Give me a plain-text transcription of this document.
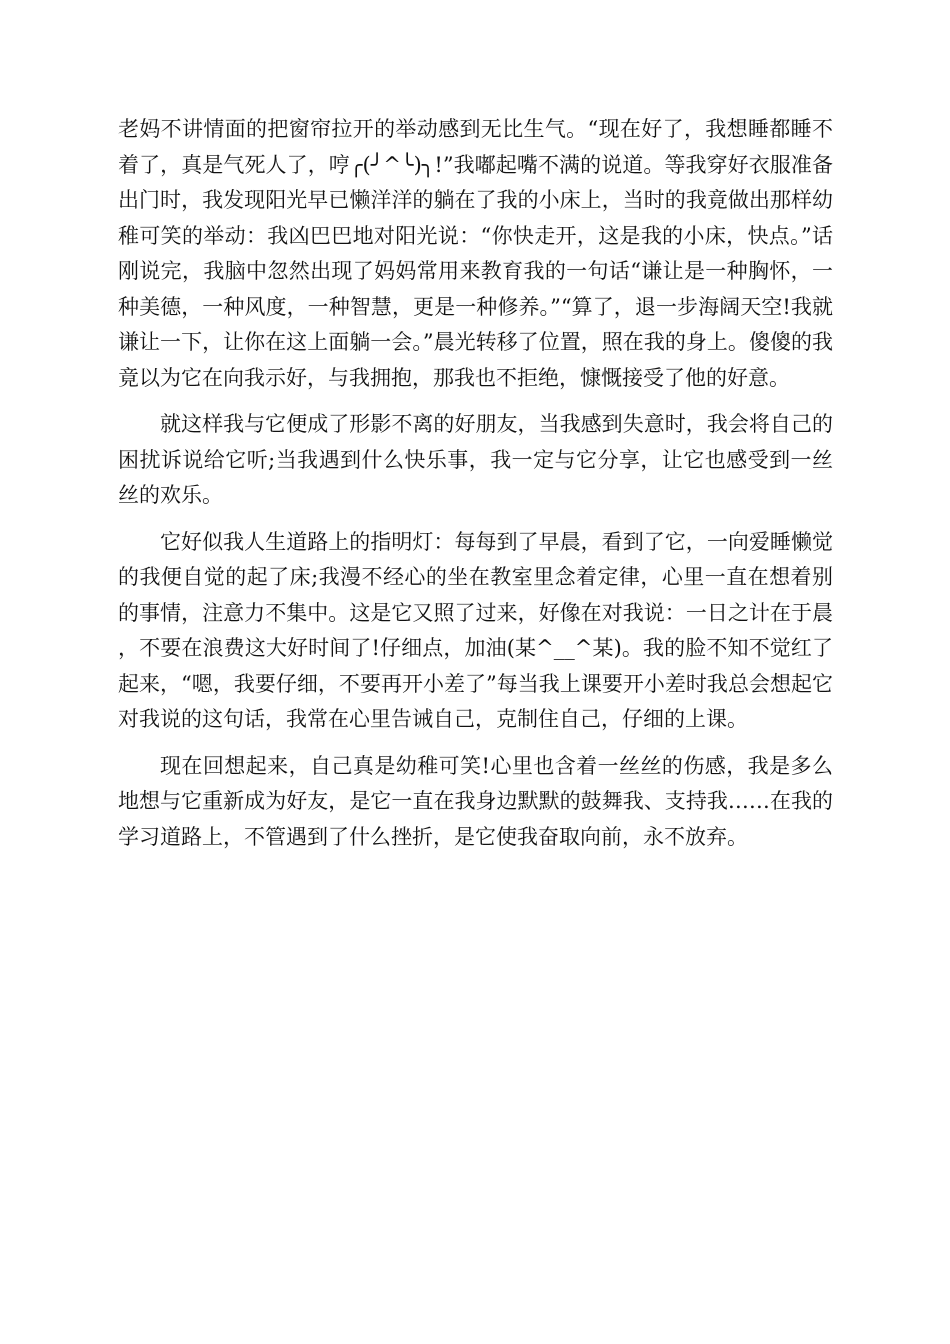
老妈不讲情面的把窗帘拉开的举动感到无比生气。“现在好了，我想睡都睡不着了，真是气死人了，哼╭(╯^╰)╮!”我嘟起嘴不满的说道。等我穿好衣服准备出门时，我发现阳光早已懒洋洋的躺在了我的小床上，当时的我竟做出那样幼稚可笑的举动：我凶巴巴地对阳光说：“你快走开，这是我的小床，快点。”话刚说完，我脑中忽然出现了妈妈常用来教育我的一句话“谦让是一种胸怀，一种美德，一种风度，一种智慧，更是一种修养。”“算了，退一步海阔天空!我就谦让一下，让你在这上面躺一会。”晨光转移了位置，照在我的身上。傻傻的我竟以为它在向我示好，与我拥抱，那我也不拒绝，慷慨接受了他的好意。

就这样我与它便成了形影不离的好朋友，当我感到失意时，我会将自己的困扰诉说给它听;当我遇到什么快乐事，我一定与它分享，让它也感受到一丝丝的欢乐。

它好似我人生道路上的指明灯：每每到了早晨，看到了它，一向爱睡懒觉的我便自觉的起了床;我漫不经心的坐在教室里念着定律，心里一直在想着别的事情，注意力不集中。这是它又照了过来，好像在对我说：一日之计在于晨，不要在浪费这大好时间了!仔细点，加油(某^__^某)。我的脸不知不觉红了起来，“嗯，我要仔细，不要再开小差了”每当我上课要开小差时我总会想起它对我说的这句话，我常在心里告诫自己，克制住自己，仔细的上课。

现在回想起来，自己真是幼稚可笑!心里也含着一丝丝的伤感，我是多么地想与它重新成为好友，是它一直在我身边默默的鼓舞我、支持我……在我的学习道路上，不管遇到了什么挫折，是它使我奋取向前，永不放弃。
